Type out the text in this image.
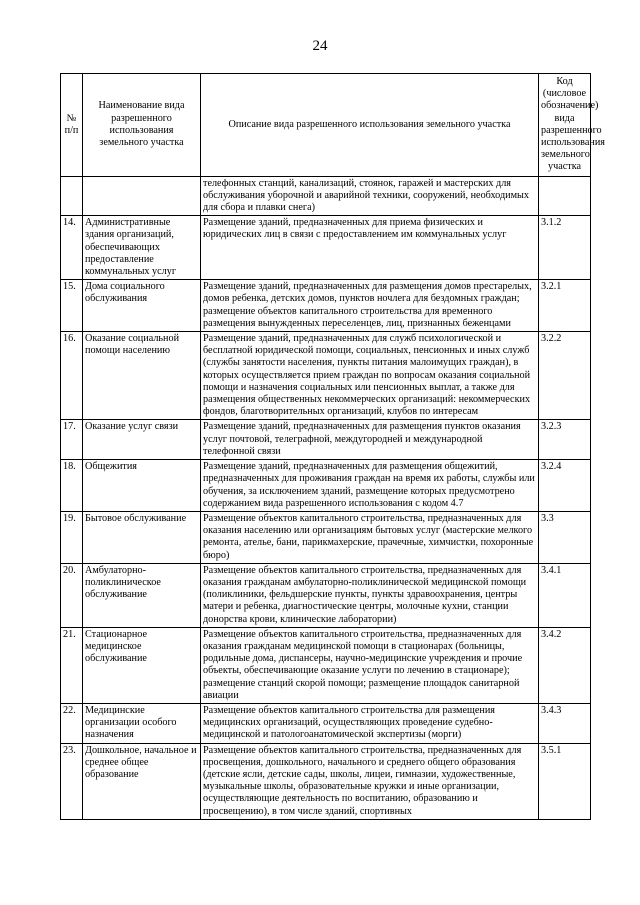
24
№ п/п	Наименование вида разрешенного использования земельного участка	Описание вида разрешенного использования земельного участка	Код (числовое обозначение) вида разрешенного использования земельного участка
		телефонных станций, канализаций, стоянок, гаражей и мастерских для обслуживания уборочной и аварийной техники, сооружений, необходимых для сбора и плавки снега)	
14.	Административные здания организаций, обеспечивающих предоставление коммунальных услуг	Размещение зданий, предназначенных для приема физических и юридических лиц в связи с предоставлением им коммунальных услуг	3.1.2
15.	Дома социального обслуживания	Размещение зданий, предназначенных для размещения домов престарелых, домов ребенка, детских домов, пунктов ночлега для бездомных граждан; размещение объектов капитального строительства для временного размещения вынужденных переселенцев, лиц, признанных беженцами	3.2.1
16.	Оказание социальной помощи населению	Размещение зданий, предназначенных для служб психологической и бесплатной юридической помощи, социальных, пенсионных и иных служб (службы занятости населения, пункты питания малоимущих граждан), в которых осуществляется прием граждан по вопросам оказания социальной помощи и назначения социальных или пенсионных выплат, а также для размещения общественных некоммерческих организаций: некоммерческих фондов, благотворительных организаций, клубов по интересам	3.2.2
17.	Оказание услуг связи	Размещение зданий, предназначенных для размещения пунктов оказания услуг почтовой, телеграфной, междугородней и международной телефонной связи	3.2.3
18.	Общежития	Размещение зданий, предназначенных для размещения общежитий, предназначенных для проживания граждан на время их работы, службы или обучения, за исключением зданий, размещение которых предусмотрено содержанием вида разрешенного использования с кодом 4.7	3.2.4
19.	Бытовое обслуживание	Размещение объектов капитального строительства, предназначенных для оказания населению или организациям бытовых услуг (мастерские мелкого ремонта, ателье, бани, парикмахерские, прачечные, химчистки, похоронные бюро)	3.3
20.	Амбулаторно-поликлиническое обслуживание	Размещение объектов капитального строительства, предназначенных для оказания гражданам амбулаторно-поликлинической медицинской помощи (поликлиники, фельдшерские пункты, пункты здравоохранения, центры матери и ребенка, диагностические центры, молочные кухни, станции донорства крови, клинические лаборатории)	3.4.1
21.	Стационарное медицинское обслуживание	Размещение объектов капитального строительства, предназначенных для оказания гражданам медицинской помощи в стационарах (больницы, родильные дома, диспансеры, научно-медицинские учреждения и прочие объекты, обеспечивающие оказание услуги по лечению в стационаре); размещение станций скорой помощи; размещение площадок санитарной авиации	3.4.2
22.	Медицинские организации особого назначения	Размещение объектов капитального строительства для размещения медицинских организаций, осуществляющих проведение судебно-медицинской и патологоанатомической экспертизы (морги)	3.4.3
23.	Дошкольное, начальное и среднее общее образование	Размещение объектов капитального строительства, предназначенных для просвещения, дошкольного, начального и среднего общего образования (детские ясли, детские сады, школы, лицеи, гимназии, художественные, музыкальные школы, образовательные кружки и иные организации, осуществляющие деятельность по воспитанию, образованию и просвещению), в том числе зданий, спортивных	3.5.1
